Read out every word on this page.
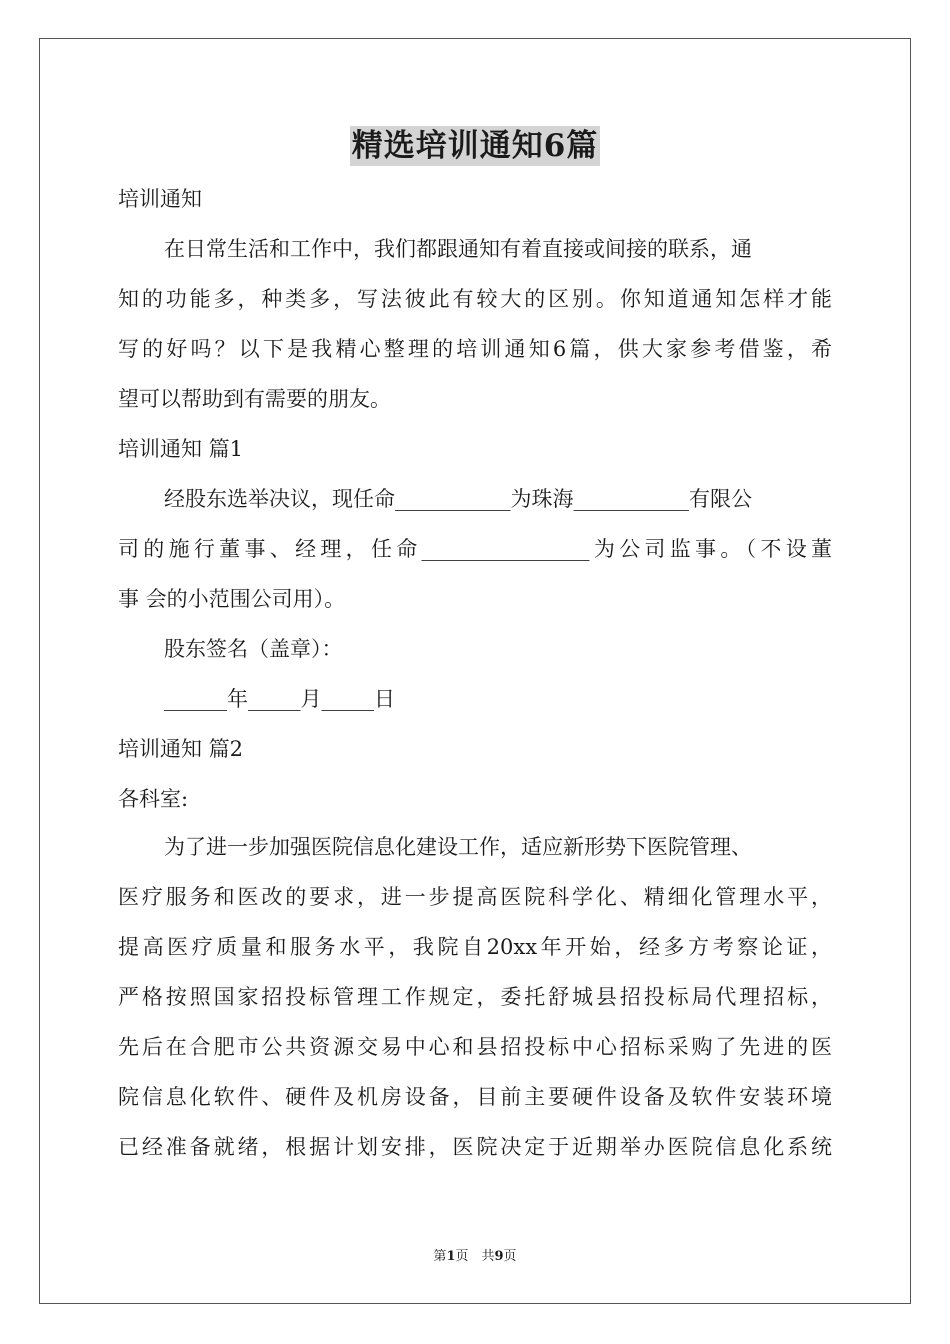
精选培训通知6篇
培训通知
在日常生活和工作中，我们都跟通知有着直接或间接的联系，通
知的功能多，种类多，写法彼此有较大的区别。你知道通知怎样才能
写的好吗？以下是我精心整理的培训通知6篇，供大家参考借鉴，希
望可以帮助到有需要的朋友。
培训通知 篇1
经股东选举决议，现任命___________为珠海___________有限公
司的施行董事、经理，任命________________为公司监事。（不设董
事 会的小范围公司用）。
股东签名（盖章）：
______年_____月_____日
培训通知 篇2
各科室:
为了进一步加强医院信息化建设工作，适应新形势下医院管理、
医疗服务和医改的要求，进一步提高医院科学化、精细化管理水平，
提高医疗质量和服务水平，我院自20xx年开始，经多方考察论证，
严格按照国家招投标管理工作规定，委托舒城县招投标局代理招标，
先后在合肥市公共资源交易中心和县招投标中心招标采购了先进的医
院信息化软件、硬件及机房设备，目前主要硬件设备及软件安装环境
已经准备就绪，根据计划安排，医院决定于近期举办医院信息化系统
第1页　共9页
